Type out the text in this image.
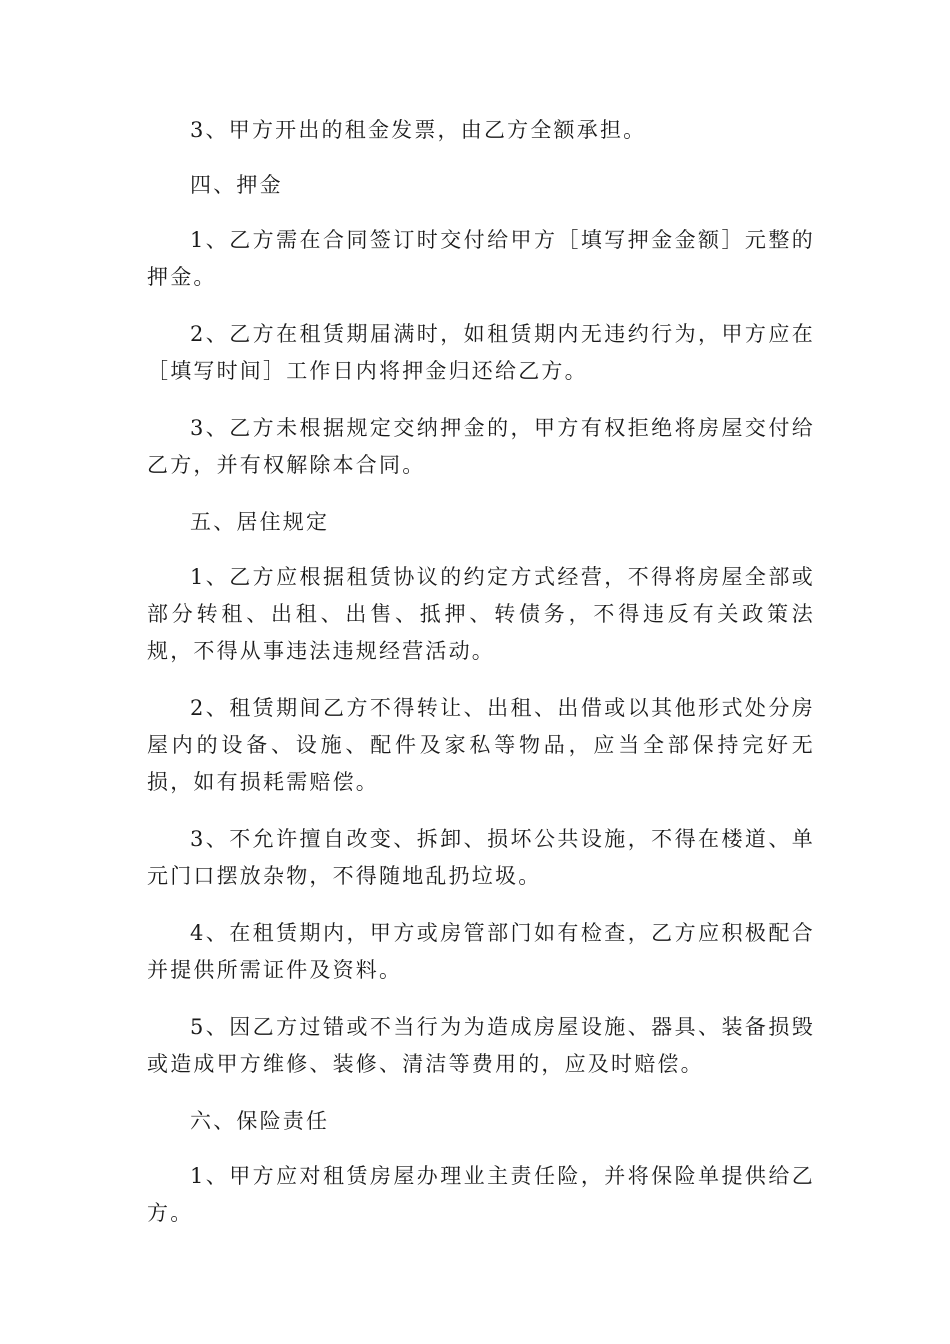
3、甲方开出的租金发票，由乙方全额承担。

四、押金

1、乙方需在合同签订时交付给甲方［填写押金金额］元整的押金。

2、乙方在租赁期届满时，如租赁期内无违约行为，甲方应在［填写时间］工作日内将押金归还给乙方。

3、乙方未根据规定交纳押金的，甲方有权拒绝将房屋交付给乙方，并有权解除本合同。

五、居住规定

1、乙方应根据租赁协议的约定方式经营，不得将房屋全部或部分转租、出租、出售、抵押、转债务，不得违反有关政策法规，不得从事违法违规经营活动。

2、租赁期间乙方不得转让、出租、出借或以其他形式处分房屋内的设备、设施、配件及家私等物品，应当全部保持完好无损，如有损耗需赔偿。

3、不允许擅自改变、拆卸、损坏公共设施，不得在楼道、单元门口摆放杂物，不得随地乱扔垃圾。

4、在租赁期内，甲方或房管部门如有检查，乙方应积极配合并提供所需证件及资料。

5、因乙方过错或不当行为为造成房屋设施、器具、装备损毁或造成甲方维修、装修、清洁等费用的，应及时赔偿。

六、保险责任

1、甲方应对租赁房屋办理业主责任险，并将保险单提供给乙方。
